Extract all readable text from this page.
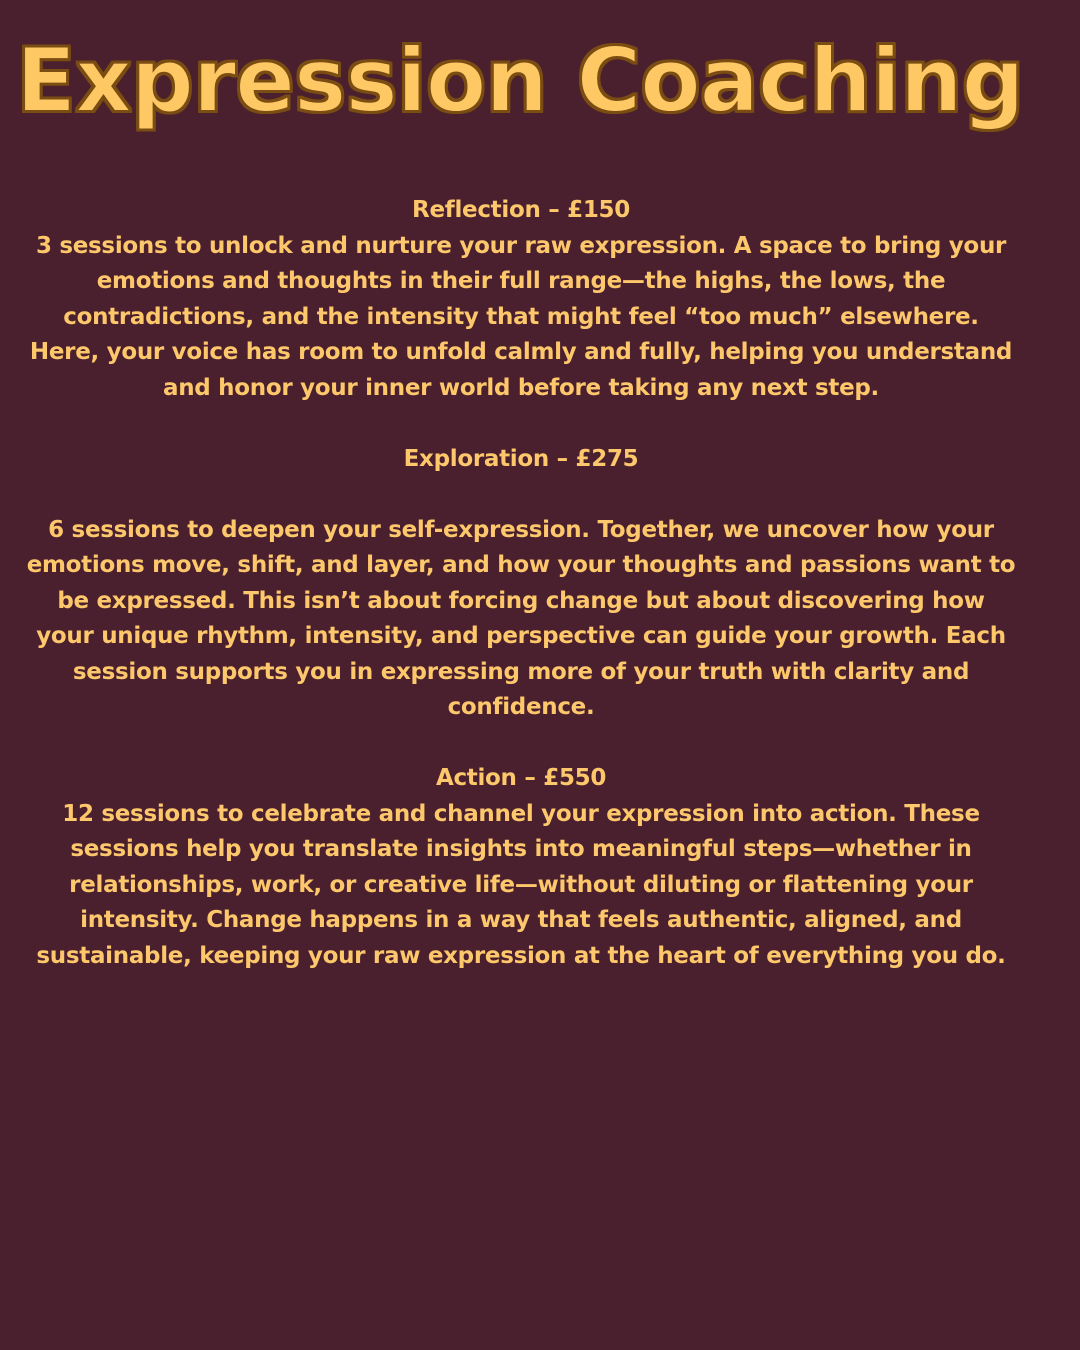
Expression Coaching

Reflection – £150

3 sessions to unlock and nurture your raw expression. A space to bring your emotions and thoughts in their full range—the highs, the lows, the contradictions, and the intensity that might feel “too much” elsewhere. Here, your voice has room to unfold calmly and fully, helping you understand and honor your inner world before taking any next step.

Exploration – £275

6 sessions to deepen your self-expression. Together, we uncover how your emotions move, shift, and layer, and how your thoughts and passions want to be expressed. This isn’t about forcing change but about discovering how your unique rhythm, intensity, and perspective can guide your growth. Each session supports you in expressing more of your truth with clarity and confidence.

Action – £550

12 sessions to celebrate and channel your expression into action. These sessions help you translate insights into meaningful steps—whether in relationships, work, or creative life—without diluting or flattening your intensity. Change happens in a way that feels authentic, aligned, and sustainable, keeping your raw expression at the heart of everything you do.
